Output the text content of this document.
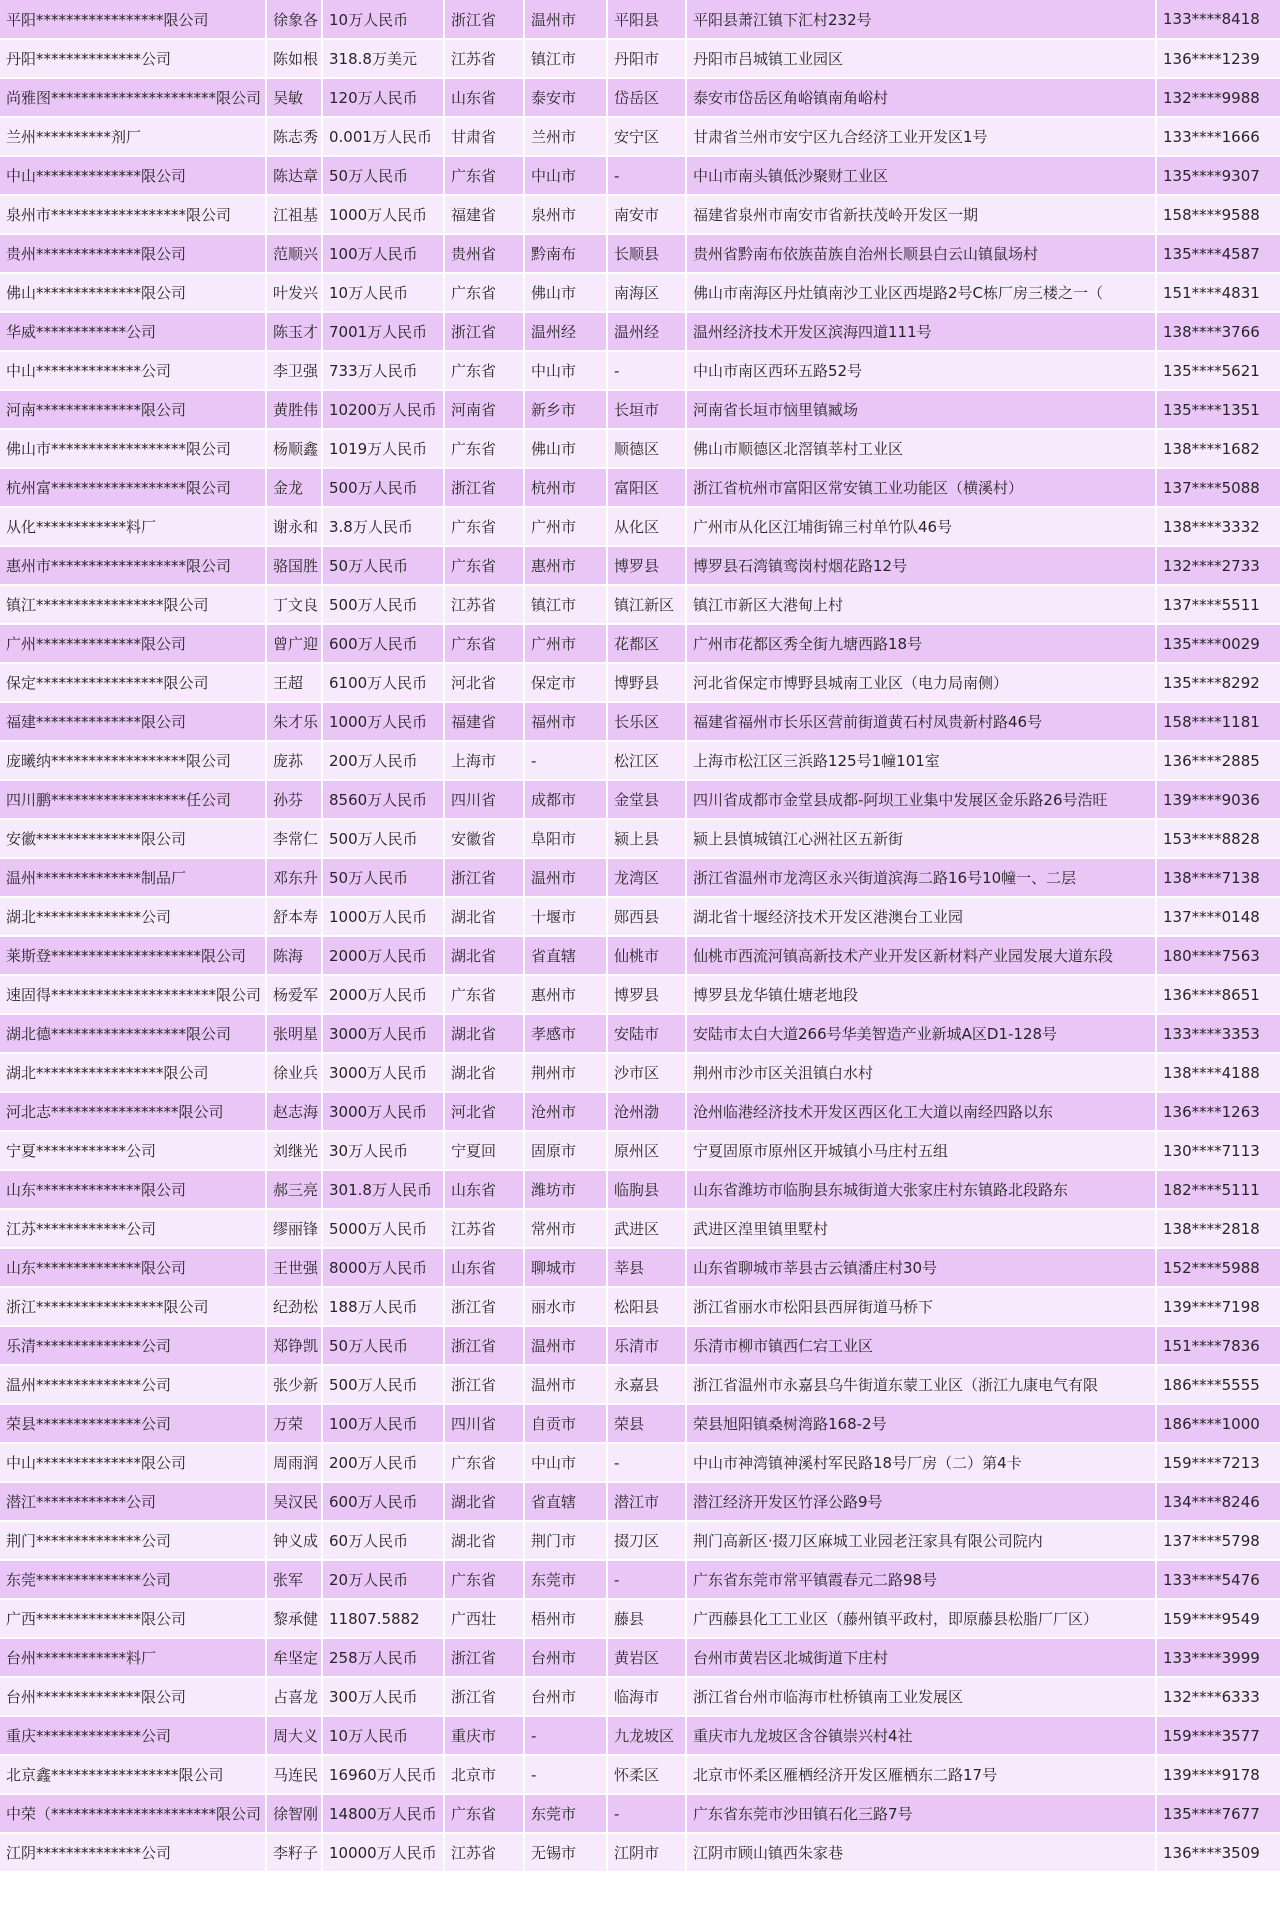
平阳*****************限公司	徐象各	10万人民币	浙江省	温州市	平阳县	平阳县萧江镇下汇村232号	133****8418
丹阳**************公司	陈如根	318.8万美元	江苏省	镇江市	丹阳市	丹阳市吕城镇工业园区	136****1239
尚雅图**********************限公司	吴敏	120万人民币	山东省	泰安市	岱岳区	泰安市岱岳区角峪镇南角峪村	132****9988
兰州**********剂厂	陈志秀	0.001万人民币	甘肃省	兰州市	安宁区	甘肃省兰州市安宁区九合经济工业开发区1号	133****1666
中山**************限公司	陈达章	50万人民币	广东省	中山市	-	中山市南头镇低沙聚财工业区	135****9307
泉州市******************限公司	江祖基	1000万人民币	福建省	泉州市	南安市	福建省泉州市南安市省新扶茂岭开发区一期	158****9588
贵州**************限公司	范顺兴	100万人民币	贵州省	黔南布	长顺县	贵州省黔南布依族苗族自治州长顺县白云山镇鼠场村	135****4587
佛山**************限公司	叶发兴	10万人民币	广东省	佛山市	南海区	佛山市南海区丹灶镇南沙工业区西堤路2号C栋厂房三楼之一（	151****4831
华威************公司	陈玉才	7001万人民币	浙江省	温州经	温州经	温州经济技术开发区滨海四道111号	138****3766
中山**************公司	李卫强	733万人民币	广东省	中山市	-	中山市南区西环五路52号	135****5621
河南**************限公司	黄胜伟	10200万人民币	河南省	新乡市	长垣市	河南省长垣市恼里镇臧场	135****1351
佛山市******************限公司	杨顺鑫	1019万人民币	广东省	佛山市	顺德区	佛山市顺德区北滘镇莘村工业区	138****1682
杭州富******************限公司	金龙	500万人民币	浙江省	杭州市	富阳区	浙江省杭州市富阳区常安镇工业功能区（横溪村）	137****5088
从化************料厂	谢永和	3.8万人民币	广东省	广州市	从化区	广州市从化区江埔街锦三村单竹队46号	138****3332
惠州市******************限公司	骆国胜	50万人民币	广东省	惠州市	博罗县	博罗县石湾镇鸾岗村烟花路12号	132****2733
镇江*****************限公司	丁文良	500万人民币	江苏省	镇江市	镇江新区	镇江市新区大港甸上村	137****5511
广州**************限公司	曾广迎	600万人民币	广东省	广州市	花都区	广州市花都区秀全街九塘西路18号	135****0029
保定*****************限公司	王超	6100万人民币	河北省	保定市	博野县	河北省保定市博野县城南工业区（电力局南侧）	135****8292
福建**************限公司	朱才乐	1000万人民币	福建省	福州市	长乐区	福建省福州市长乐区营前街道黄石村凤贵新村路46号	158****1181
庞曦纳******************限公司	庞荪	200万人民币	上海市	-	松江区	上海市松江区三浜路125号1幢101室	136****2885
四川鹏******************任公司	孙芬	8560万人民币	四川省	成都市	金堂县	四川省成都市金堂县成都-阿坝工业集中发展区金乐路26号浩旺	139****9036
安徽**************限公司	李常仁	500万人民币	安徽省	阜阳市	颍上县	颍上县慎城镇江心洲社区五新街	153****8828
温州**************制品厂	邓东升	50万人民币	浙江省	温州市	龙湾区	浙江省温州市龙湾区永兴街道滨海二路16号10幢一、二层	138****7138
湖北**************公司	舒本寿	1000万人民币	湖北省	十堰市	郧西县	湖北省十堰经济技术开发区港澳台工业园	137****0148
莱斯登********************限公司	陈海	2000万人民币	湖北省	省直辖	仙桃市	仙桃市西流河镇高新技术产业开发区新材料产业园发展大道东段	180****7563
速固得**********************限公司	杨爱军	2000万人民币	广东省	惠州市	博罗县	博罗县龙华镇仕塘老地段	136****8651
湖北德******************限公司	张明星	3000万人民币	湖北省	孝感市	安陆市	安陆市太白大道266号华美智造产业新城A区D1-128号	133****3353
湖北*****************限公司	徐业兵	3000万人民币	湖北省	荆州市	沙市区	荆州市沙市区关沮镇白水村	138****4188
河北志*****************限公司	赵志海	3000万人民币	河北省	沧州市	沧州渤	沧州临港经济技术开发区西区化工大道以南经四路以东	136****1263
宁夏************公司	刘继光	30万人民币	宁夏回	固原市	原州区	宁夏固原市原州区开城镇小马庄村五组	130****7113
山东**************限公司	郝三亮	301.8万人民币	山东省	潍坊市	临朐县	山东省潍坊市临朐县东城街道大张家庄村东镇路北段路东	182****5111
江苏************公司	缪丽锋	5000万人民币	江苏省	常州市	武进区	武进区湟里镇里墅村	138****2818
山东**************限公司	王世强	8000万人民币	山东省	聊城市	莘县	山东省聊城市莘县古云镇潘庄村30号	152****5988
浙江*****************限公司	纪劲松	188万人民币	浙江省	丽水市	松阳县	浙江省丽水市松阳县西屏街道马桥下	139****7198
乐清**************公司	郑铮凯	50万人民币	浙江省	温州市	乐清市	乐清市柳市镇西仁宕工业区	151****7836
温州**************公司	张少新	500万人民币	浙江省	温州市	永嘉县	浙江省温州市永嘉县乌牛街道东蒙工业区（浙江九康电气有限	186****5555
荣县**************公司	万荣	100万人民币	四川省	自贡市	荣县	荣县旭阳镇桑树湾路168-2号	186****1000
中山**************限公司	周雨润	200万人民币	广东省	中山市	-	中山市神湾镇神溪村军民路18号厂房（二）第4卡	159****7213
潜江************公司	吴汉民	600万人民币	湖北省	省直辖	潜江市	潜江经济开发区竹泽公路9号	134****8246
荆门**************公司	钟义成	60万人民币	湖北省	荆门市	掇刀区	荆门高新区·掇刀区麻城工业园老汪家具有限公司院内	137****5798
东莞**************公司	张军	20万人民币	广东省	东莞市	-	广东省东莞市常平镇霞春元二路98号	133****5476
广西**************限公司	黎承健	11807.5882	广西壮	梧州市	藤县	广西藤县化工工业区（藤州镇平政村，即原藤县松脂厂厂区）	159****9549
台州************料厂	牟坚定	258万人民币	浙江省	台州市	黄岩区	台州市黄岩区北城街道下庄村	133****3999
台州**************限公司	占喜龙	300万人民币	浙江省	台州市	临海市	浙江省台州市临海市杜桥镇南工业发展区	132****6333
重庆**************公司	周大义	10万人民币	重庆市	-	九龙坡区	重庆市九龙坡区含谷镇崇兴村4社	159****3577
北京鑫*****************限公司	马连民	16960万人民币	北京市	-	怀柔区	北京市怀柔区雁栖经济开发区雁栖东二路17号	139****9178
中荣（**********************限公司	徐智刚	14800万人民币	广东省	东莞市	-	广东省东莞市沙田镇石化三路7号	135****7677
江阴**************公司	李籽子	10000万人民币	江苏省	无锡市	江阴市	江阴市顾山镇西朱家巷	136****3509
